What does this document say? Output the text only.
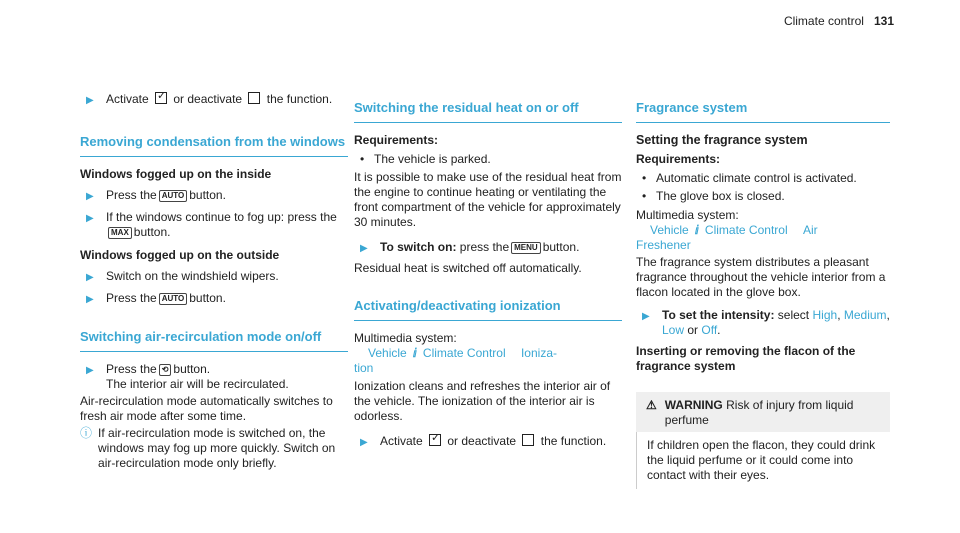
Climate control 131
▶	Activate ✓ or deactivate the function.
Removing condensation from the windows
Windows fogged up on the inside
▶	Press the AUTO button.
▶	If the windows continue to fog up: press the MAX button.
Windows fogged up on the outside
▶	Switch on the windshield wipers.
▶	Press the AUTO button.
Switching air-recirculation mode on/off
▶	Press the ⟲ button.
The interior air will be recirculated.
Air-recirculation mode automatically switches to fresh air mode after some time.
ⓘ If air-recirculation mode is switched on, the windows may fog up more quickly. Switch on air-recirculation mode only briefly.
Switching the residual heat on or off
Requirements:
• The vehicle is parked.
It is possible to make use of the residual heat from the engine to continue heating or ventilating the front compartment of the vehicle for approximately 30 minutes.
▶	To switch on: press the MENU button.
Residual heat is switched off automatically.
Activating/deactivating ionization
Multimedia system:
Vehicle ⅈ Climate Control Ioniza-
tion
Ionization cleans and refreshes the interior air of the vehicle. The ionization of the interior air is odorless.
▶	Activate ✓ or deactivate the function.
Fragrance system
Setting the fragrance system
Requirements:
• Automatic climate control is activated.
• The glove box is closed.
Multimedia system:
Vehicle ⅈ Climate Control Air
Freshener
The fragrance system distributes a pleasant fragrance throughout the vehicle interior from a flacon located in the glove box.
▶	To set the intensity: select High, Medium,
Low or Off.
Inserting or removing the flacon of the fragrance system
⚠ WARNING Risk of injury from liquid perfume
If children open the flacon, they could drink the liquid perfume or it could come into contact with their eyes.
